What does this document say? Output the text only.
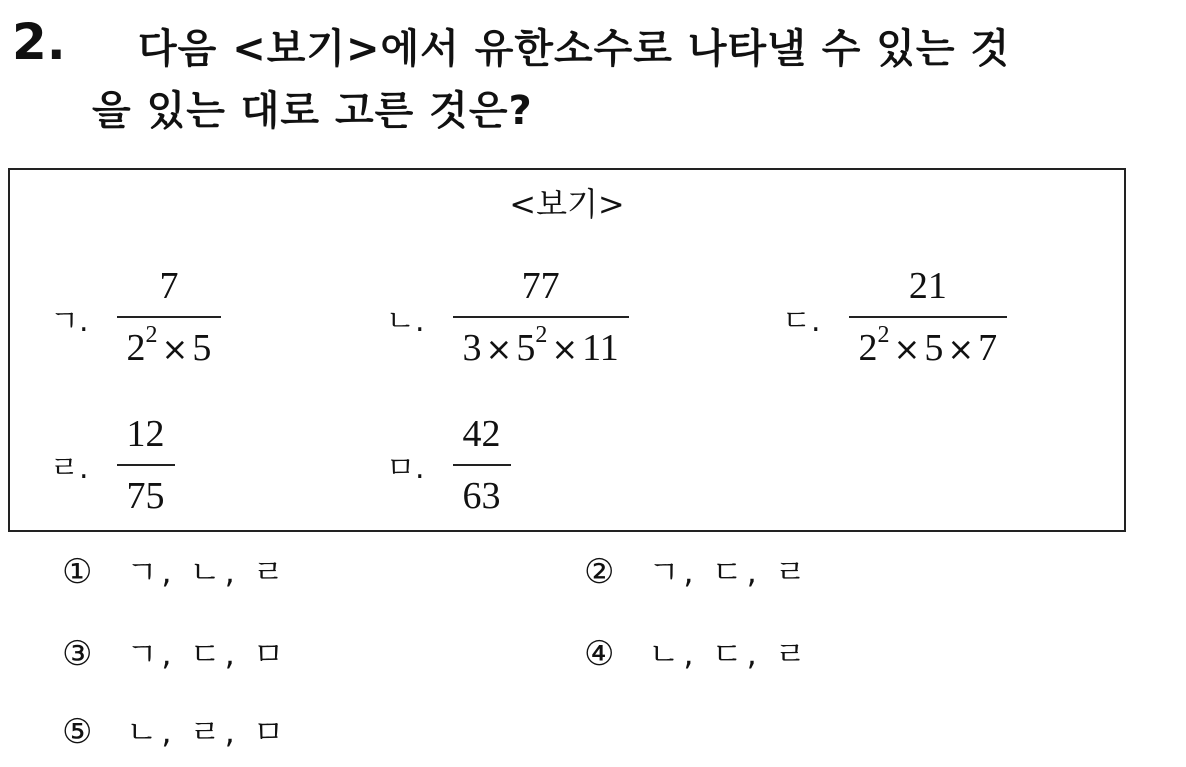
2.	다음 <보기>에서 유한소수로 나타낼 수 있는 것
을 있는 대로 고른 것은?
<보기>
ㄱ. $\frac{7}{2^2 \times 5}$	ㄴ. $\frac{77}{3 \times 5^2 \times 11}$	ㄷ. $\frac{21}{2^2 \times 5 \times 7}$
ㄹ. $\frac{12}{75}$	ㅁ. $\frac{42}{63}$
① ㄱ, ㄴ, ㄹ	② ㄱ, ㄷ, ㄹ
③ ㄱ, ㄷ, ㅁ	④ ㄴ, ㄷ, ㄹ
⑤ ㄴ, ㄹ, ㅁ
